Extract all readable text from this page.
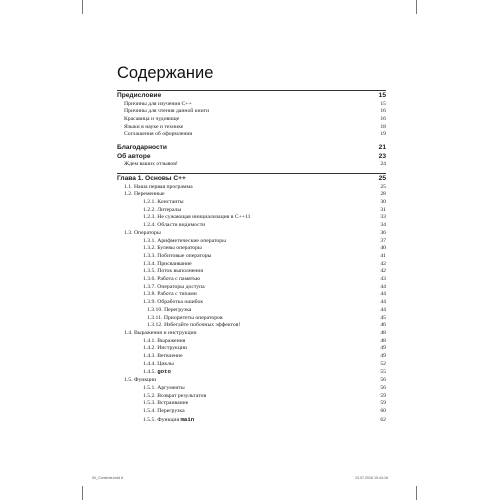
Содержание
Предисловие	15
Причины для изучения C++	15
Причины для чтения данной книги	16
Красавица и чудовище	16
Языки в науке и технике	18
Соглашения об оформлении	19
Благодарности	21
Об авторе	23
Ждем ваших отзывов!	24
Глава 1. Основы C++	25
1.1. Наша первая программа	25
1.2. Переменные	28
1.2.1. Константы	30
1.2.2. Литералы	31
1.2.3. Не сужающая инициализация в C++11	33
1.2.4. Области видимости	34
1.3. Операторы	36
1.3.1. Арифметические операторы	37
1.3.2. Булевы операторы	40
1.3.3. Побитовые операторы	41
1.3.4. Присваивание	42
1.3.5. Поток выполнения	42
1.3.6. Работа с памятью	43
1.3.7. Операторы доступа	44
1.3.8. Работа с типами	44
1.3.9. Обработка ошибок	44
1.3.10. Перегрузка	44
1.3.11. Приоритеты операторов	45
1.3.12. Избегайте побочных эффектов!	46
1.4. Выражения и инструкции	48
1.4.1. Выражения	48
1.4.2. Инструкции	49
1.4.3. Ветвление	49
1.4.4. Циклы	52
1.4.5. goto	55
1.5. Функции	56
1.5.1. Аргументы	56
1.5.2. Возврат результатов	59
1.5.3. Встраивание	59
1.5.4. Перегрузка	60
1.5.5. Функция main	62
00_Contents.indd 6	13.07.2016 10:44:16
